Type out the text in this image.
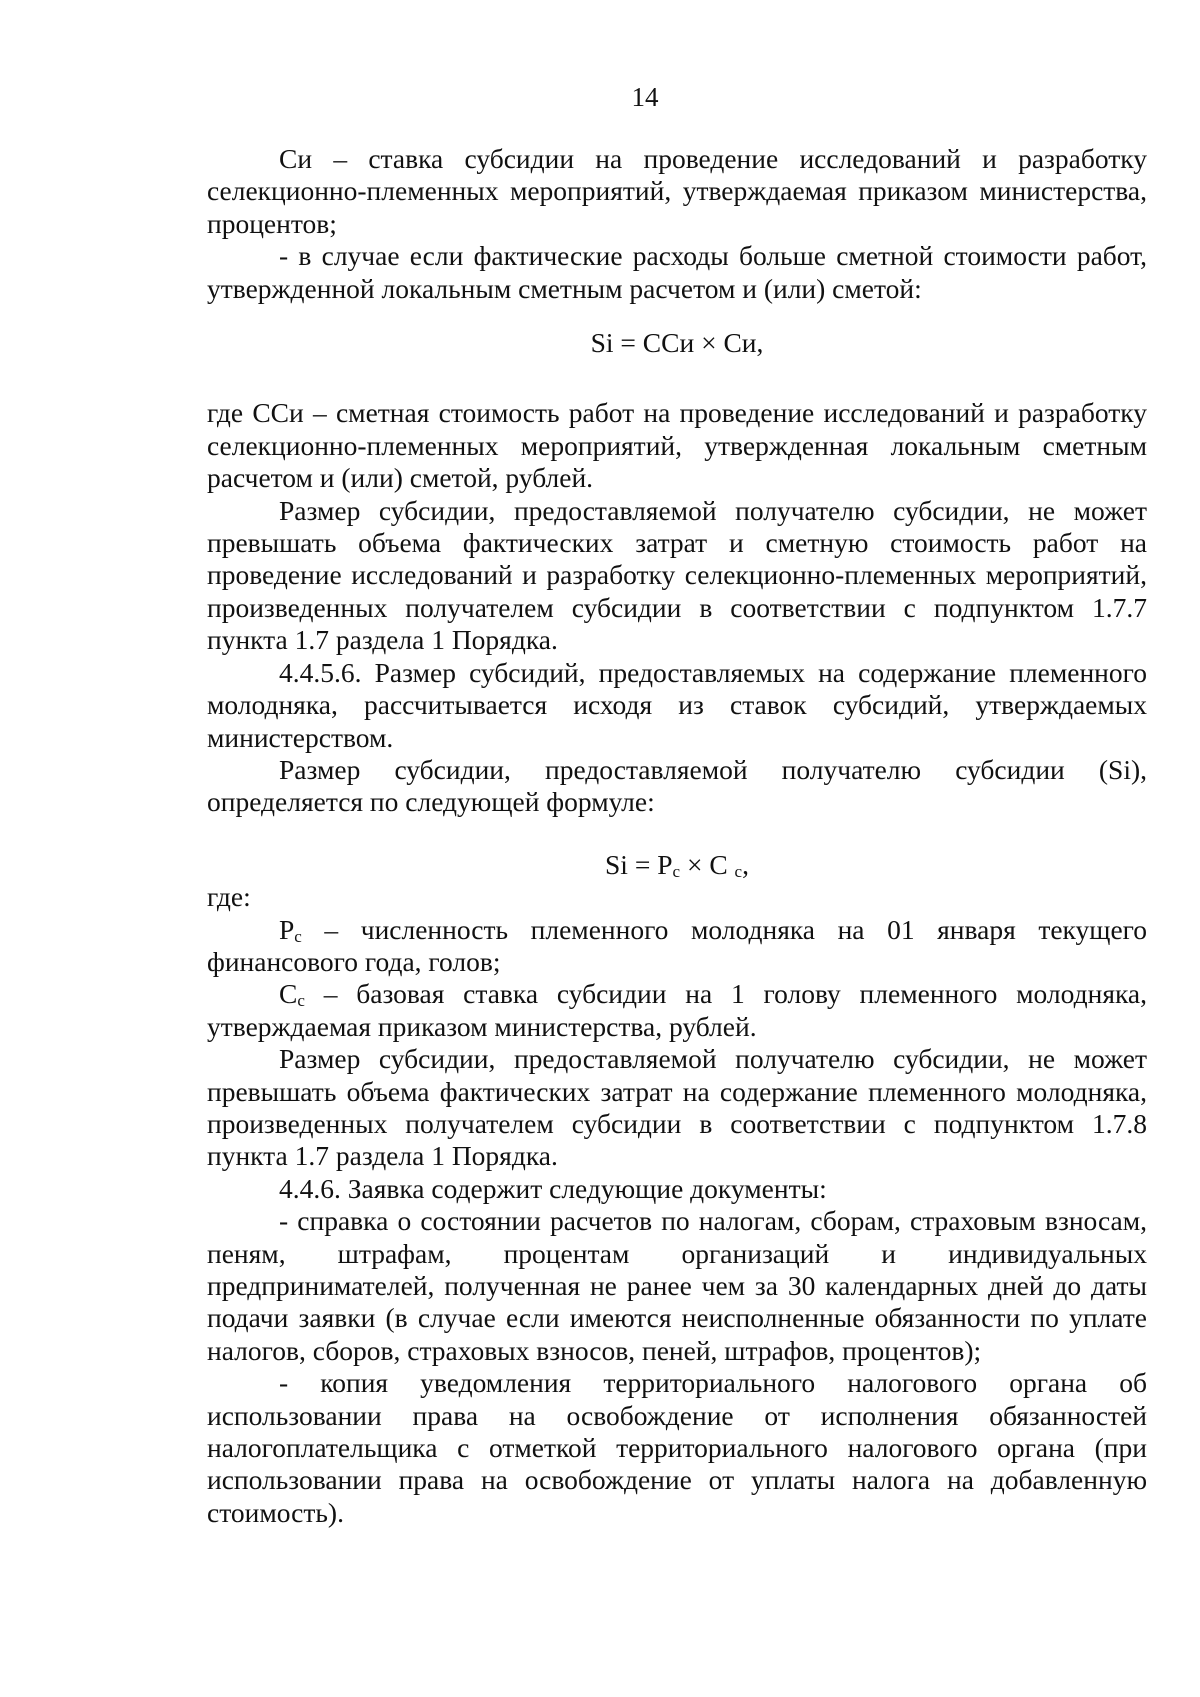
14

Си – ставка субсидии на проведение исследований и разработку селекционно-племенных мероприятий, утверждаемая приказом министерства, процентов;

- в случае если фактические расходы больше сметной стоимости работ, утвержденной локальным сметным расчетом и (или) сметой:

Si = ССи × Си,

где ССи – сметная стоимость работ на проведение исследований и разработку селекционно-племенных мероприятий, утвержденная локальным сметным расчетом и (или) сметой, рублей.

Размер субсидии, предоставляемой получателю субсидии, не может превышать объема фактических затрат и сметную стоимость работ на проведение исследований и разработку селекционно-племенных мероприятий, произведенных получателем субсидии в соответствии с подпунктом 1.7.7 пункта 1.7 раздела 1 Порядка.

4.4.5.6. Размер субсидий, предоставляемых на содержание племенного молодняка, рассчитывается исходя из ставок субсидий, утверждаемых министерством.

Размер субсидии, предоставляемой получателю субсидии (Si), определяется по следующей формуле:

$Si = P_c \times C$ $_c$,

где:

$P_c$ – численность племенного молодняка на 01 января текущего финансового года, голов;

$C_c$ – базовая ставка субсидии на 1 голову племенного молодняка, утверждаемая приказом министерства, рублей.

Размер субсидии, предоставляемой получателю субсидии, не может превышать объема фактических затрат на содержание племенного молодняка, произведенных получателем субсидии в соответствии с подпунктом 1.7.8 пункта 1.7 раздела 1 Порядка.

4.4.6. Заявка содержит следующие документы:

- справка о состоянии расчетов по налогам, сборам, страховым взносам, пеням, штрафам, процентам организаций и индивидуальных предпринимателей, полученная не ранее чем за 30 календарных дней до даты подачи заявки (в случае если имеются неисполненные обязанности по уплате налогов, сборов, страховых взносов, пеней, штрафов, процентов);

- копия уведомления территориального налогового органа об использовании права на освобождение от исполнения обязанностей налогоплательщика с отметкой территориального налогового органа (при использовании права на освобождение от уплаты налога на добавленную стоимость).
